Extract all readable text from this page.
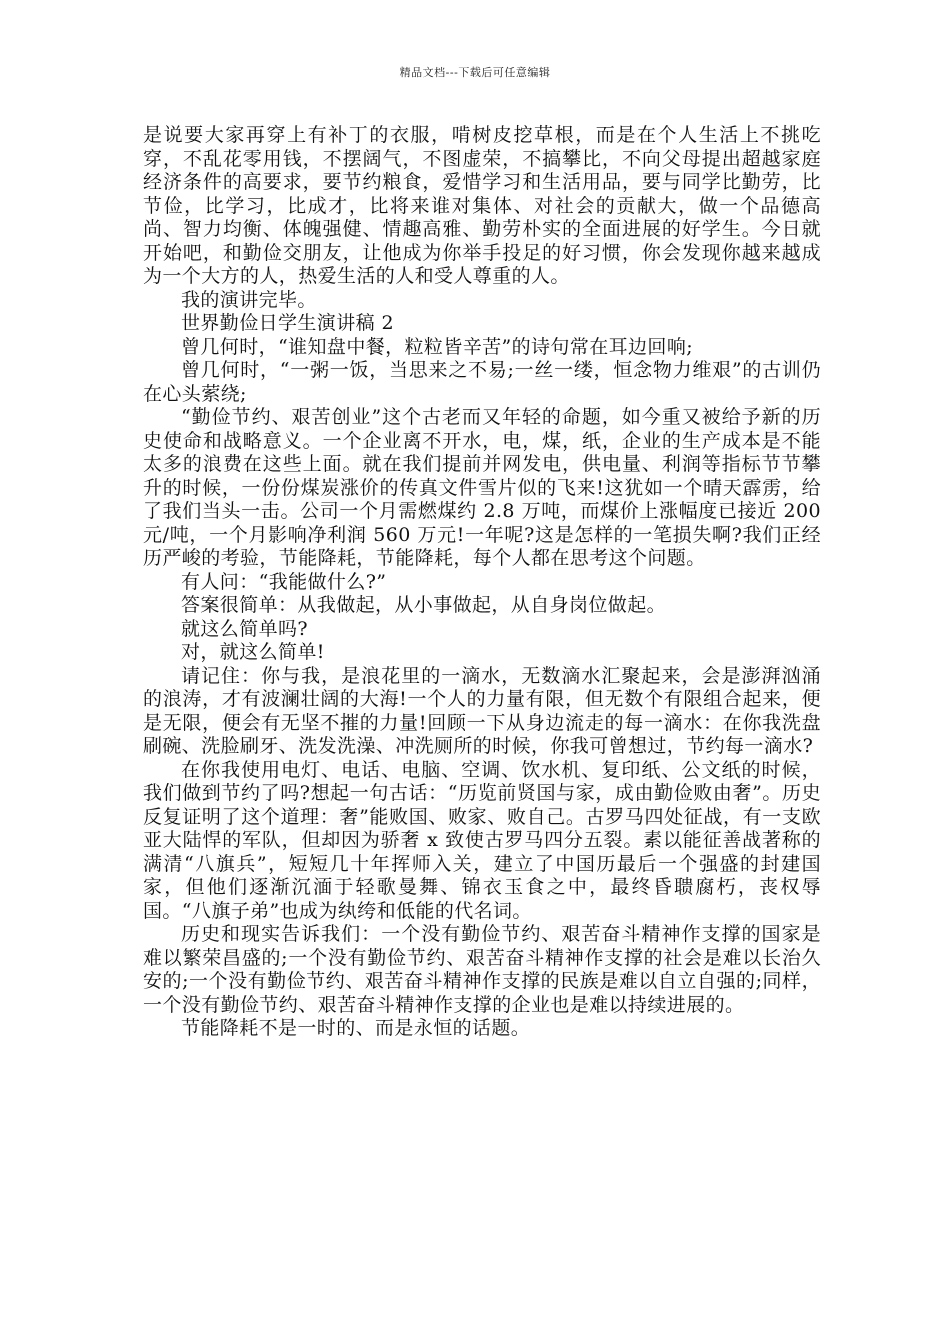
精品文档---下载后可任意编辑

是说要大家再穿上有补丁的衣服，啃树皮挖草根，而是在个人生活上不挑吃穿，不乱花零用钱，不摆阔气，不图虚荣，不搞攀比，不向父母提出超越家庭经济条件的高要求，要节约粮食，爱惜学习和生活用品，要与同学比勤劳，比节俭，比学习，比成才，比将来谁对集体、对社会的贡献大，做一个品德高尚、智力均衡、体魄强健、情趣高雅、勤劳朴实的全面进展的好学生。今日就开始吧，和勤俭交朋友，让他成为你举手投足的好习惯，你会发现你越来越成为一个大方的人，热爱生活的人和受人尊重的人。

我的演讲完毕。

世界勤俭日学生演讲稿 2

曾几何时，“谁知盘中餐，粒粒皆辛苦”的诗句常在耳边回响;

曾几何时，“一粥一饭，当思来之不易;一丝一缕，恒念物力维艰”的古训仍在心头萦绕;

“勤俭节约、艰苦创业”这个古老而又年轻的命题，如今重又被给予新的历史使命和战略意义。一个企业离不开水，电，煤，纸，企业的生产成本是不能太多的浪费在这些上面。就在我们提前并网发电，供电量、利润等指标节节攀升的时候，一份份煤炭涨价的传真文件雪片似的飞来!这犹如一个晴天霹雳，给了我们当头一击。公司一个月需燃煤约 2.8 万吨，而煤价上涨幅度已接近 200 元/吨，一个月影响净利润 560 万元!一年呢?这是怎样的一笔损失啊?我们正经历严峻的考验，节能降耗，节能降耗，每个人都在思考这个问题。

有人问：“我能做什么?”

答案很简单：从我做起，从小事做起，从自身岗位做起。

就这么简单吗?

对，就这么简单!

请记住：你与我，是浪花里的一滴水，无数滴水汇聚起来，会是澎湃汹涌的浪涛，才有波澜壮阔的大海!一个人的力量有限，但无数个有限组合起来，便是无限，便会有无坚不摧的力量!回顾一下从身边流走的每一滴水：在你我洗盘刷碗、洗脸刷牙、洗发洗澡、冲洗厕所的时候，你我可曾想过，节约每一滴水?

在你我使用电灯、电话、电脑、空调、饮水机、复印纸、公文纸的时候，我们做到节约了吗?想起一句古话：“历览前贤国与家，成由勤俭败由奢”。历史反复证明了这个道理：奢”能败国、败家、败自己。古罗马四处征战，有一支欧亚大陆悍的军队，但却因为骄奢 x 致使古罗马四分五裂。素以能征善战著称的满清“八旗兵”，短短几十年挥师入关，建立了中国历最后一个强盛的封建国家，但他们逐渐沉湎于轻歌曼舞、锦衣玉食之中，最终昏聩腐朽，丧权辱国。“八旗子弟”也成为纨绔和低能的代名词。

历史和现实告诉我们：一个没有勤俭节约、艰苦奋斗精神作支撑的国家是难以繁荣昌盛的;一个没有勤俭节约、艰苦奋斗精神作支撑的社会是难以长治久安的;一个没有勤俭节约、艰苦奋斗精神作支撑的民族是难以自立自强的;同样，一个没有勤俭节约、艰苦奋斗精神作支撑的企业也是难以持续进展的。

节能降耗不是一时的、而是永恒的话题。
